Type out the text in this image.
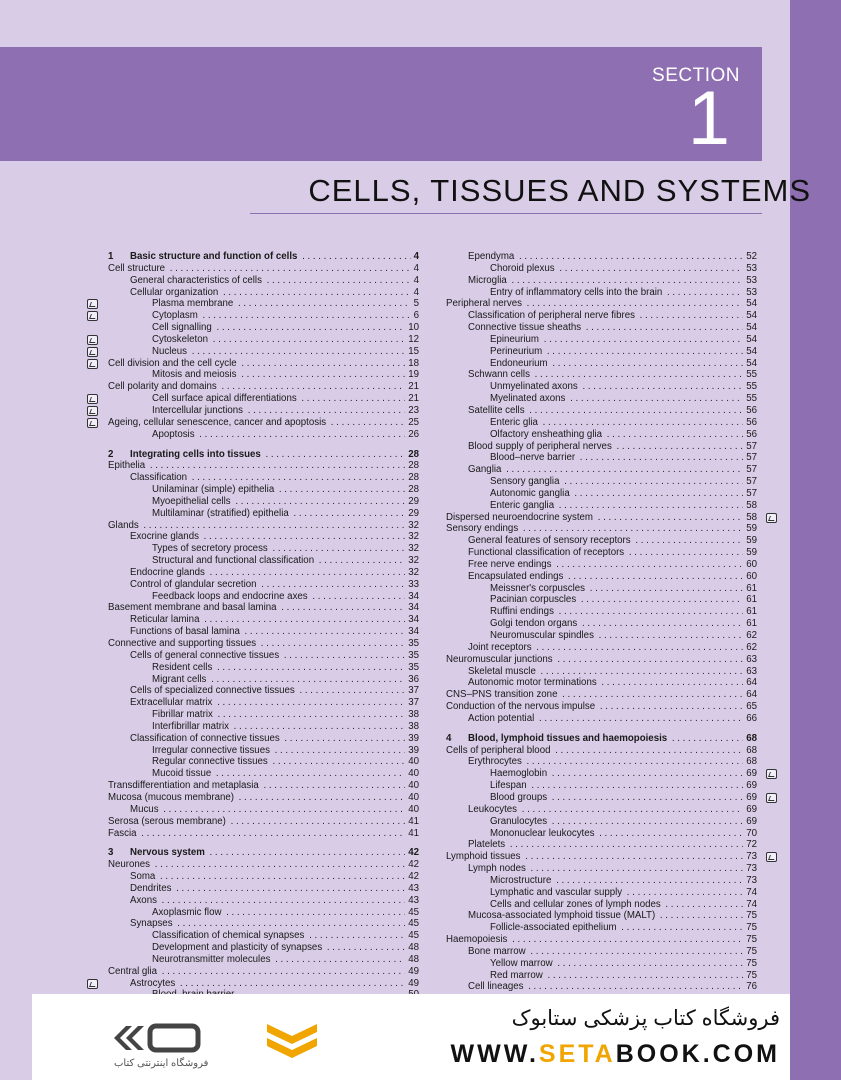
SECTION
1
CELLS, TISSUES AND SYSTEMS
1 Basic structure and function of cells . . .	4
Cell structure . . .	4
General characteristics of cells . . .	4
Cellular organization . . .	4
Plasma membrane . . .	5
Cytoplasm . . .	6
Cell signalling . . .	10
Cytoskeleton . . .	12
Nucleus . . .	15
Cell division and the cell cycle . . .	18
Mitosis and meiosis . . .	19
Cell polarity and domains . . .	21
Cell surface apical differentiations . . .	21
Intercellular junctions . . .	23
Ageing, cellular senescence, cancer and apoptosis . . .	25
Apoptosis . . .	26
2 Integrating cells into tissues . . .	28
Epithelia . . .	28
Classification . . .	28
Unilaminar (simple) epithelia . . .	28
Myoepithelial cells . . .	29
Multilaminar (stratified) epithelia . . .	29
Glands . . .	32
Exocrine glands . . .	32
Types of secretory process . . .	32
Structural and functional classification . . .	32
Endocrine glands . . .	32
Control of glandular secretion . . .	33
Feedback loops and endocrine axes . . .	34
Basement membrane and basal lamina . . .	34
Reticular lamina . . .	34
Functions of basal lamina . . .	34
Connective and supporting tissues . . .	35
Cells of general connective tissues . . .	35
Resident cells . . .	35
Migrant cells . . .	36
Cells of specialized connective tissues . . .	37
Extracellular matrix . . .	37
Fibrillar matrix . . .	38
Interfibrillar matrix . . .	38
Classification of connective tissues . . .	39
Irregular connective tissues . . .	39
Regular connective tissues . . .	40
Mucoid tissue . . .	40
Transdifferentiation and metaplasia . . .	40
Mucosa (mucous membrane) . . .	40
Mucus . . .	40
Serosa (serous membrane) . . .	41
Fascia . . .	41
3 Nervous system . . .	42
Neurones . . .	42
Soma . . .	42
Dendrites . . .	43
Axons . . .	43
Axoplasmic flow . . .	45
Synapses . . .	45
Classification of chemical synapses . . .	45
Development and plasticity of synapses . . .	48
Neurotransmitter molecules . . .	48
Central glia . . .	49
Astrocytes . . .	49
. . .
Ependyma . . .	52
Choroid plexus . . .	53
Microglia . . .	53
Entry of inflammatory cells into the brain . . .	53
Peripheral nerves . . .	54
Classification of peripheral nerve fibres . . .	54
Connective tissue sheaths . . .	54
Epineurium . . .	54
Perineurium . . .	54
Endoneurium . . .	54
Schwann cells . . .	55
Unmyelinated axons . . .	55
Myelinated axons . . .	55
Satellite cells . . .	56
Enteric glia . . .	56
Olfactory ensheathing glia . . .	56
Blood supply of peripheral nerves . . .	57
Blood–nerve barrier . . .	57
Ganglia . . .	57
Sensory ganglia . . .	57
Autonomic ganglia . . .	57
Enteric ganglia . . .	58
Dispersed neuroendocrine system . . .	58
Sensory endings . . .	59
General features of sensory receptors . . .	59
Functional classification of receptors . . .	59
Free nerve endings . . .	60
Encapsulated endings . . .	60
Meissner's corpuscles . . .	61
Pacinian corpuscles . . .	61
Ruffini endings . . .	61
Golgi tendon organs . . .	61
Neuromuscular spindles . . .	62
Joint receptors . . .	62
Neuromuscular junctions . . .	63
Skeletal muscle . . .	63
Autonomic motor terminations . . .	64
CNS–PNS transition zone . . .	64
Conduction of the nervous impulse . . .	65
Action potential . . .	66
4 Blood, lymphoid tissues and haemopoiesis . . .	68
Cells of peripheral blood . . .	68
Erythrocytes . . .	68
Haemoglobin . . .	69
Lifespan . . .	69
Blood groups . . .	69
Leukocytes . . .	69
Granulocytes . . .	69
Mononuclear leukocytes . . .	70
Platelets . . .	72
Lymphoid tissues . . .	73
Lymph nodes . . .	73
Microstructure . . .	73
Lymphatic and vascular supply . . .	74
Cells and cellular zones of lymph nodes . . .	74
Mucosa-associated lymphoid tissue (MALT) . . .	75
Follicle-associated epithelium . . .	75
Haemopoiesis . . .	75
Bone marrow . . .	75
Yellow marrow . . .	75
Red marrow . . .	75
Cell lineages . . .	76
فروشگاه اینترنتی کتاب
فروشگاه کتاب پزشکی ستابوک
WWW.SETABOOK.COM
